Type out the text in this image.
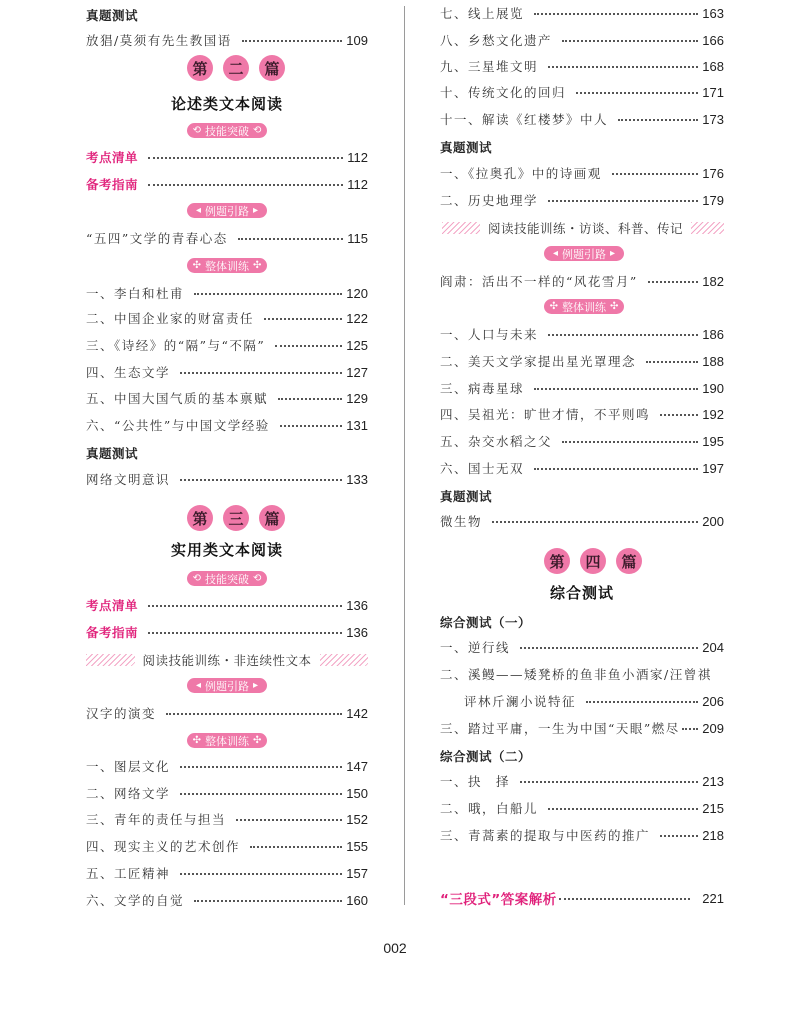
真题测试
放猖/莫须有先生教国语	109
第	二	篇
论述类文本阅读
⟲ 技能突破 ⟲
考点清单	112
备考指南	112
◂ 例题引路 ▸
“五四”文学的青春心态	115
✣ 整体训练 ✣
一、李白和杜甫	120
二、中国企业家的财富责任	122
三、《诗经》的“隔”与“不隔”	125
四、生态文学	127
五、中国大国气质的基本禀赋	129
六、“公共性”与中国文学经验	131
真题测试
网络文明意识	133
第	三	篇
实用类文本阅读
⟲ 技能突破 ⟲
考点清单	136
备考指南	136
阅读技能训练・非连续性文本
◂ 例题引路 ▸
汉字的演变	142
✣ 整体训练 ✣
一、图层文化	147
二、网络文学	150
三、青年的责任与担当	152
四、现实主义的艺术创作	155
五、工匠精神	157
六、文学的自觉	160
七、线上展览	163
八、乡愁文化遗产	166
九、三星堆文明	168
十、传统文化的回归	171
十一、解读《红楼梦》中人	173
真题测试
一、《拉奥孔》中的诗画观	176
二、历史地理学	179
阅读技能训练・访谈、科普、传记
◂ 例题引路 ▸
阎肃：活出不一样的“风花雪月”	182
✣ 整体训练 ✣
一、人口与未来	186
二、美天文学家提出星光罩理念	188
三、病毒星球	190
四、吴祖光：旷世才情，不平则鸣	192
五、杂交水稻之父	195
六、国士无双	197
真题测试
微生物	200
第	四	篇
综合测试
综合测试（一）
一、逆行线	204
二、溪鳗——矮凳桥的鱼非鱼小酒家/汪曾祺
评林斤澜小说特征	206
三、踏过平庸，一生为中国“天眼”燃尽 209
综合测试（二）
一、抉　择	213
二、哦，白船儿	215
三、青蒿素的提取与中医药的推广	218
“三段式”答案解析	221
002
